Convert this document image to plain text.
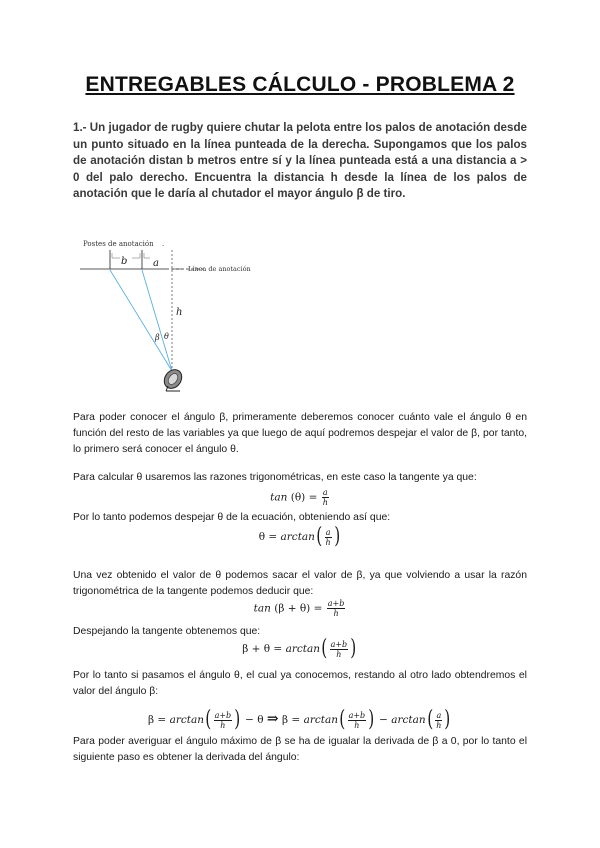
ENTREGABLES CÁLCULO - PROBLEMA 2
1.- Un jugador de rugby quiere chutar la pelota entre los palos de anotación desde un punto situado en la línea punteada de la derecha. Supongamos que los palos de anotación distan b metros entre sí y la línea punteada está a una distancia a > 0 del palo derecho. Encuentra la distancia h desde la línea de los palos de anotación que le daría al chutador el mayor ángulo β de tiro.
Postes de anotación .
b	a	Línea de anotación
h
β θ
Para poder conocer el ángulo β, primeramente deberemos conocer cuánto vale el ángulo θ en función del resto de las variables ya que luego de aquí podremos despejar el valor de β, por tanto, lo primero será conocer el ángulo θ.
Para calcular θ usaremos las razones trigonométricas, en este caso la tangente ya que:
$\tan (\theta) = \frac{a}{h}$
Por lo tanto podemos despejar θ de la ecuación, obteniendo así que:
$\theta = \arctan( \frac{a}{h}$ )
Una vez obtenido el valor de θ podemos sacar el valor de β, ya que volviendo a usar la razón trigonométrica de la tangente podemos deducir que:
$\tan (\beta + \theta) = \frac{a+b}{h}$
Despejando la tangente obtenemos que:
$\beta + \theta = \arctan( \frac{a+b}{h}$ )
Por lo tanto si pasamos el ángulo θ, el cual ya conocemos, restando al otro lado obtendremos el valor del ángulo β:
$\beta = \arctan( \frac{a+b}{h}$ ) − θ ⇒ $\beta = \arctan( \frac{a+b}{h}$ ) − $\arctan( \frac{a}{h}$ )
Para poder averiguar el ángulo máximo de β se ha de igualar la derivada de β a 0, por lo tanto el siguiente paso es obtener la derivada del ángulo:
